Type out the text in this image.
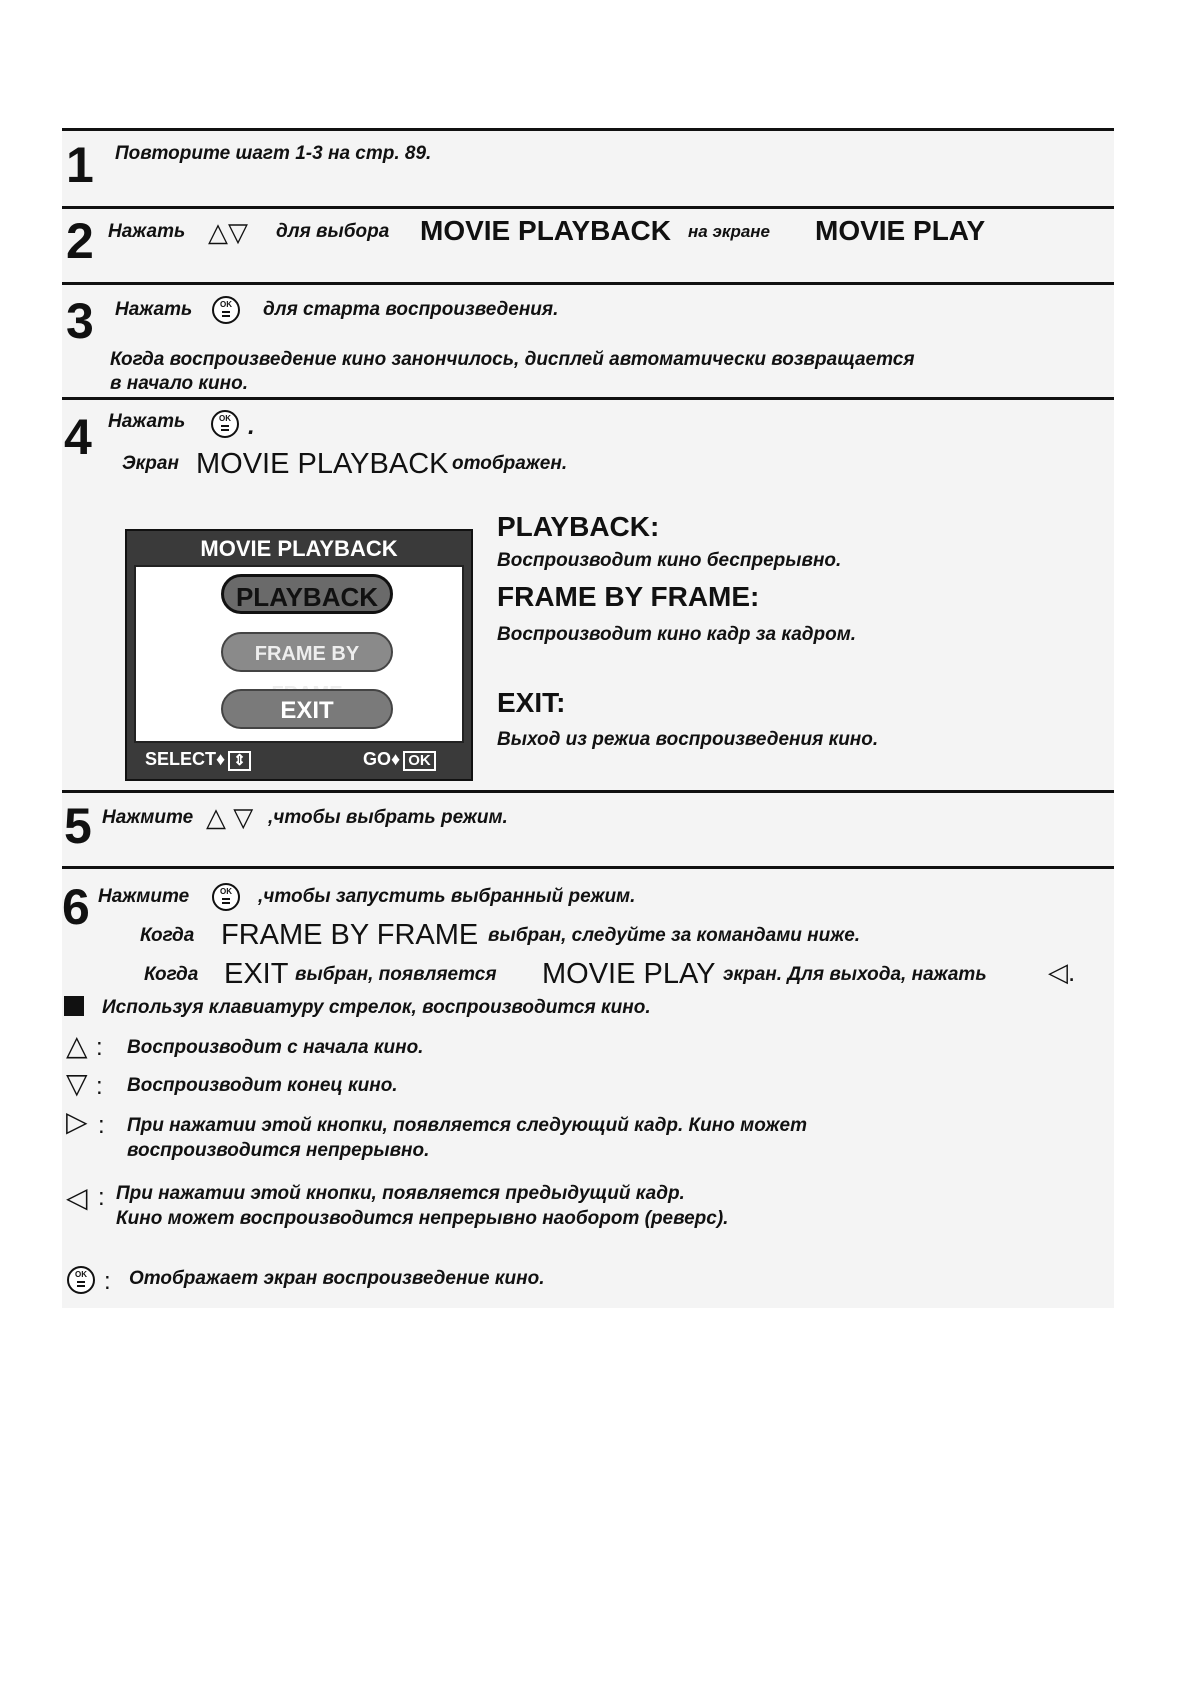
1 Повторите шагт 1-3 на стр. 89.
2 Нажать △▽ для выбора MOVIE PLAYBACK на экране MOVIE PLAY
3 Нажать	OK	для старта воспроизведения.
Когда воспроизведение кино занончилось, дисплей автоматически возвращается
в начало кино.
4 Нажать	OK .
Экран MOVIE PLAYBACK отображен.
MOVIE PLAYBACK
PLAYBACK
FRAME BY
EXIT
SELECT♦ ⇕	GO♦ OK
PLAYBACK:
Воспроизводит кино беспрерывно.
FRAME BY FRAME:
Воспроизводит кино кадр за кадром.
EXIT:
Выход из режиа воспроизведения кино.
5 Нажмите △ ▽ ,чтобы выбрать режим.
6 Нажмите	OK	,чтобы запустить выбранный режим.
Когда FRAME BY FRAME выбран, следуйте за командами ниже.
Когда EXIT выбран, появляется MOVIE PLAY экран. Для выхода, нажать ◁.
Используя клавиатуру стрелок, воспроизводится кино.
△ : Воспроизводит с начала кино.
▽ : Воспроизводит конец кино.
▷ : При нажатии этой кнопки, появляется следующий кадр. Кино может
воспроизводится непрерывно.
◁ : При нажатии этой кнопки, появляется предыдущий кадр.
Кино может воспроизводится непрерывно наоборот (реверс).
OK : Отображает экран воспроизведение кино.
